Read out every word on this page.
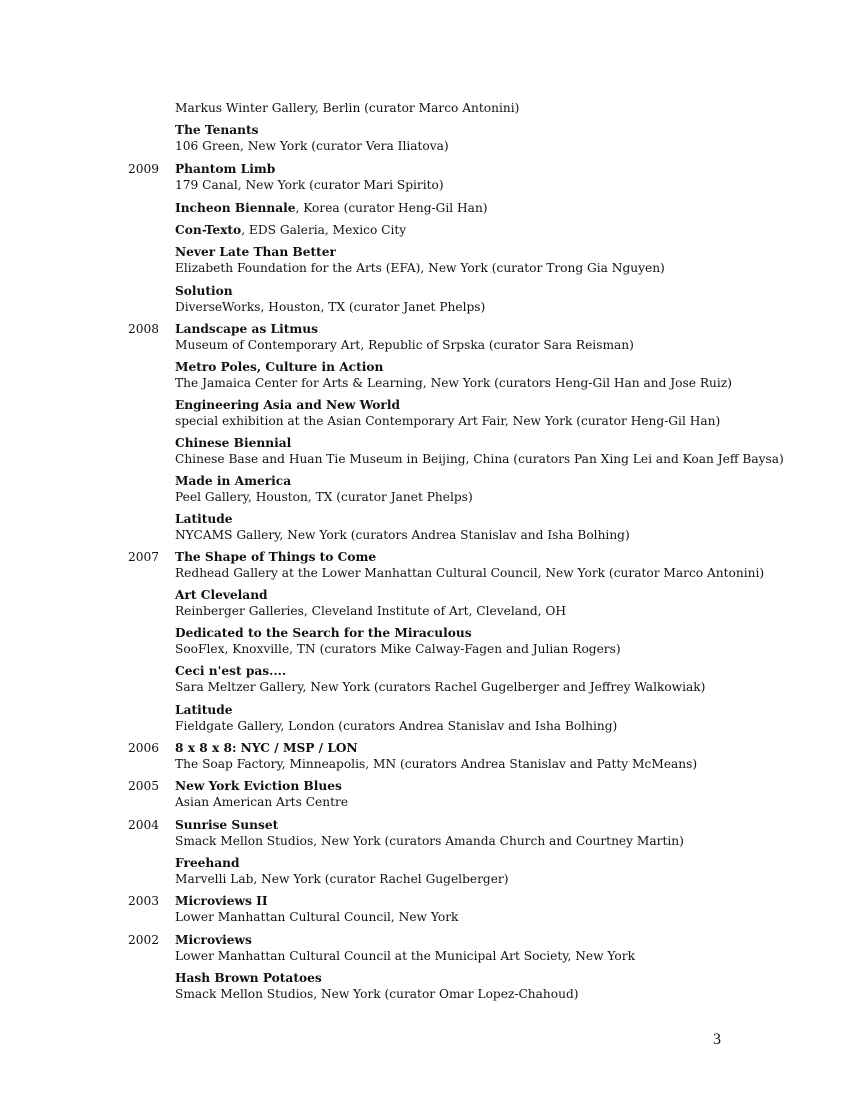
Markus Winter Gallery, Berlin (curator Marco Antonini)
The Tenants
106 Green, New York (curator Vera Iliatova)
2009 Phantom Limb
179 Canal, New York (curator Mari Spirito)
Incheon Biennale, Korea (curator Heng-Gil Han)
Con-Texto, EDS Galeria, Mexico City
Never Late Than Better
Elizabeth Foundation for the Arts (EFA), New York (curator Trong Gia Nguyen)
Solution
DiverseWorks, Houston, TX (curator Janet Phelps)
2008 Landscape as Litmus
Museum of Contemporary Art, Republic of Srpska (curator Sara Reisman)
Metro Poles, Culture in Action
The Jamaica Center for Arts & Learning, New York (curators Heng-Gil Han and Jose Ruiz)
Engineering Asia and New World
special exhibition at the Asian Contemporary Art Fair, New York (curator Heng-Gil Han)
Chinese Biennial
Chinese Base and Huan Tie Museum in Beijing, China (curators Pan Xing Lei and Koan Jeff Baysa)
Made in America
Peel Gallery, Houston, TX (curator Janet Phelps)
Latitude
NYCAMS Gallery, New York (curators Andrea Stanislav and Isha Bolhing)
2007 The Shape of Things to Come
Redhead Gallery at the Lower Manhattan Cultural Council, New York (curator Marco Antonini)
Art Cleveland
Reinberger Galleries, Cleveland Institute of Art, Cleveland, OH
Dedicated to the Search for the Miraculous
SooFlex, Knoxville, TN (curators Mike Calway-Fagen and Julian Rogers)
Ceci n'est pas....
Sara Meltzer Gallery, New York (curators Rachel Gugelberger and Jeffrey Walkowiak)
Latitude
Fieldgate Gallery, London (curators Andrea Stanislav and Isha Bolhing)
2006 8 x 8 x 8: NYC / MSP / LON
The Soap Factory, Minneapolis, MN (curators Andrea Stanislav and Patty McMeans)
2005 New York Eviction Blues
Asian American Arts Centre
2004 Sunrise Sunset
Smack Mellon Studios, New York (curators Amanda Church and Courtney Martin)
Freehand
Marvelli Lab, New York (curator Rachel Gugelberger)
2003 Microviews II
Lower Manhattan Cultural Council, New York
2002 Microviews
Lower Manhattan Cultural Council at the Municipal Art Society, New York
Hash Brown Potatoes
Smack Mellon Studios, New York (curator Omar Lopez-Chahoud)
3
